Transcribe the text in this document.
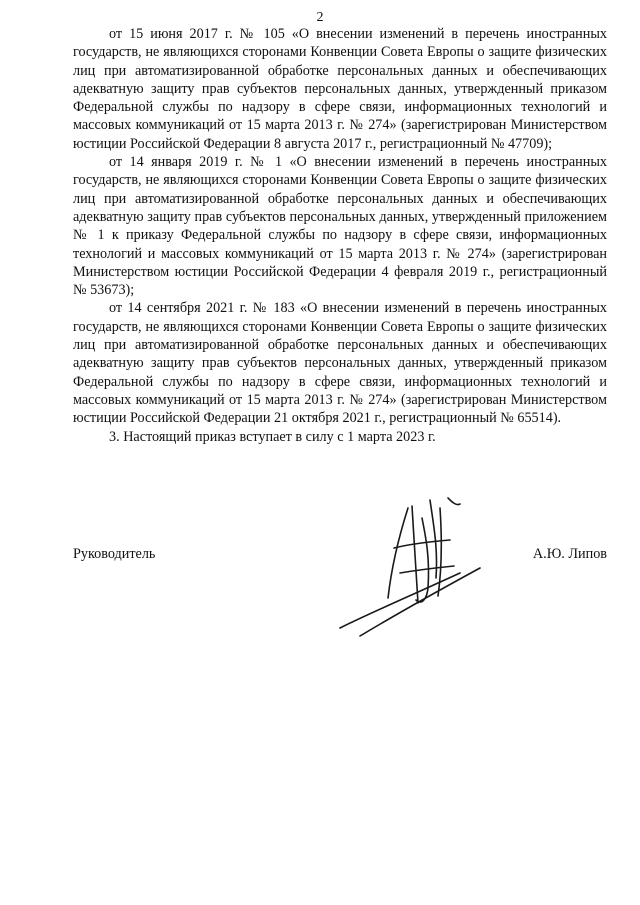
2

от 15 июня 2017 г. № 105 «О внесении изменений в перечень иностранных государств, не являющихся сторонами Конвенции Совета Европы о защите физических лиц при автоматизированной обработке персональных данных и обеспечивающих адекватную защиту прав субъектов персональных данных, утвержденный приказом Федеральной службы по надзору в сфере связи, информационных технологий и массовых коммуникаций от 15 марта 2013 г. № 274» (зарегистрирован Министерством юстиции Российской Федерации 8 августа 2017 г., регистрационный № 47709);

от 14 января 2019 г. № 1 «О внесении изменений в перечень иностранных государств, не являющихся сторонами Конвенции Совета Европы о защите физических лиц при автоматизированной обработке персональных данных и обеспечивающих адекватную защиту прав субъектов персональных данных, утвержденный приложением № 1 к приказу Федеральной службы по надзору в сфере связи, информационных технологий и массовых коммуникаций от 15 марта 2013 г. № 274» (зарегистрирован Министерством юстиции Российской Федерации 4 февраля 2019 г., регистрационный № 53673);

от 14 сентября 2021 г. № 183 «О внесении изменений в перечень иностранных государств, не являющихся сторонами Конвенции Совета Европы о защите физических лиц при автоматизированной обработке персональных данных и обеспечивающих адекватную защиту прав субъектов персональных данных, утвержденный приказом Федеральной службы по надзору в сфере связи, информационных технологий и массовых коммуникаций от 15 марта 2013 г. № 274» (зарегистрирован Министерством юстиции Российской Федерации 21 октября 2021 г., регистрационный № 65514).

3. Настоящий приказ вступает в силу с 1 марта 2023 г.

Руководитель	А.Ю. Липов
